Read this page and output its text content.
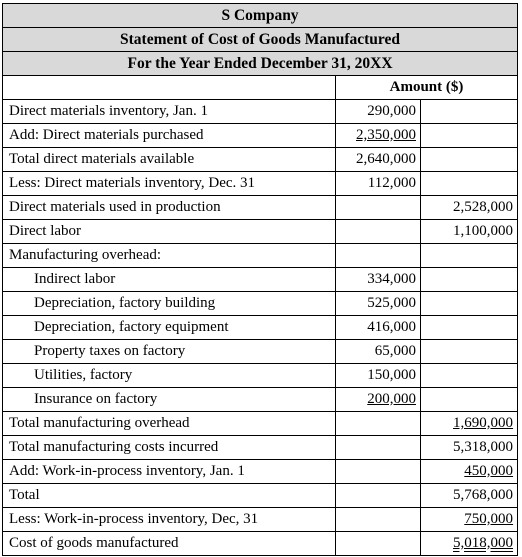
S Company		
Statement of Cost of Goods Manufactured		
For the Year Ended December 31, 20XX		
	Amount ($)	
Direct materials inventory, Jan. 1	290,000	
Add: Direct materials purchased	2,350,000	
Total direct materials available	2,640,000	
Less: Direct materials inventory, Dec. 31	112,000	
Direct materials used in production		2,528,000
Direct labor		1,100,000
Manufacturing overhead:		
Indirect labor	334,000	
Depreciation, factory building	525,000	
Depreciation, factory equipment	416,000	
Property taxes on factory	65,000	
Utilities, factory	150,000	
Insurance on factory	200,000	
Total manufacturing overhead		1,690,000
Total manufacturing costs incurred		5,318,000
Add: Work-in-process inventory, Jan. 1		450,000
Total		5,768,000
Less: Work-in-process inventory, Dec, 31		750,000
Cost of goods manufactured		5,018,000
